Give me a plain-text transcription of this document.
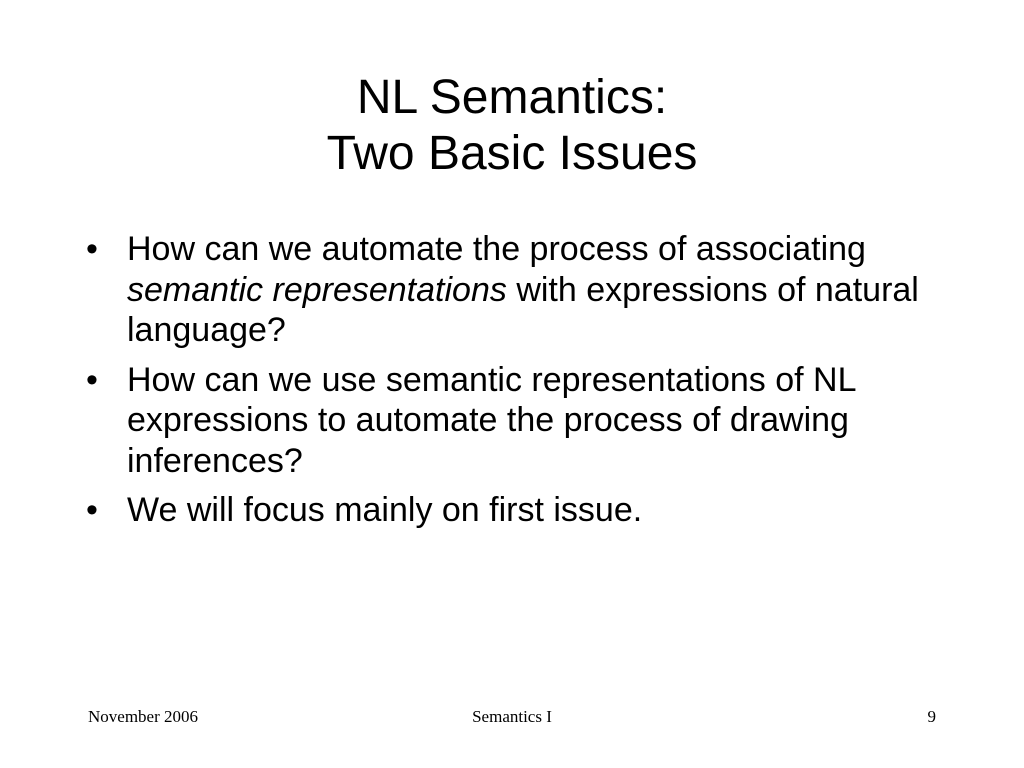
NL Semantics:
Two Basic Issues
• How can we automate the process of associating semantic representations with expressions of natural language?
• How can we use semantic representations of NL expressions to automate the process of drawing inferences?
• We will focus mainly on first issue.
November 2006	Semantics I	9
